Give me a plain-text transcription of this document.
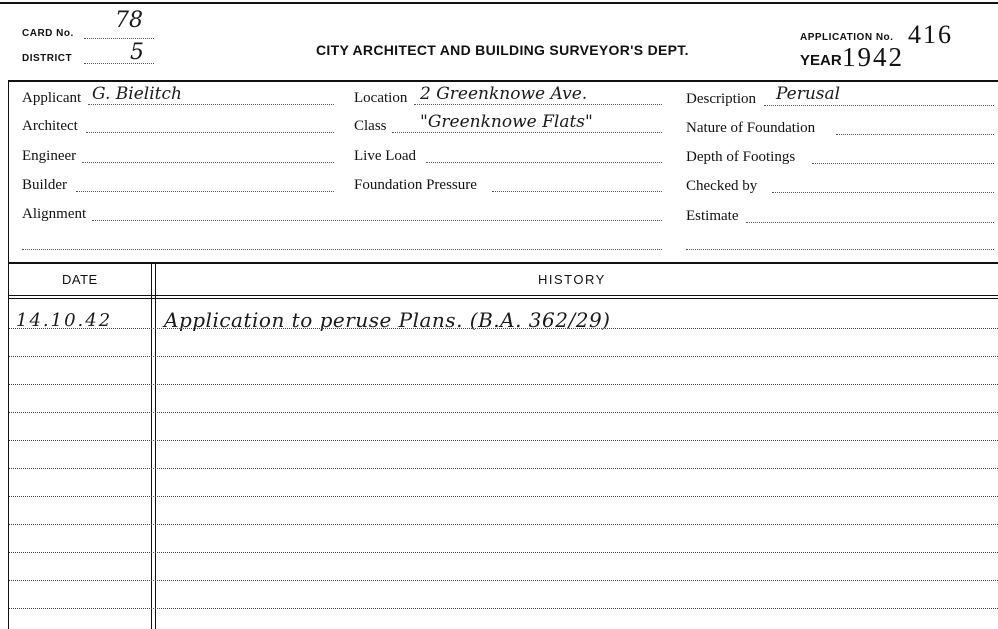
CARD No.
78
DISTRICT	5	CITY ARCHITECT AND BUILDING SURVEYOR'S DEPT.
APPLICATION No. 416
YEAR 1942
Applicant G. Bielitch
Architect
Engineer
Builder
Alignment
Location 2 Greenknowe Ave.
Class "Greenknowe Flats"
Live Load
Foundation Pressure
Description Perusal
Nature of Foundation
Depth of Footings
Checked by
Estimate
DATE	HISTORY
14.10.42	Application to peruse Plans. (B.A. 362/29)
